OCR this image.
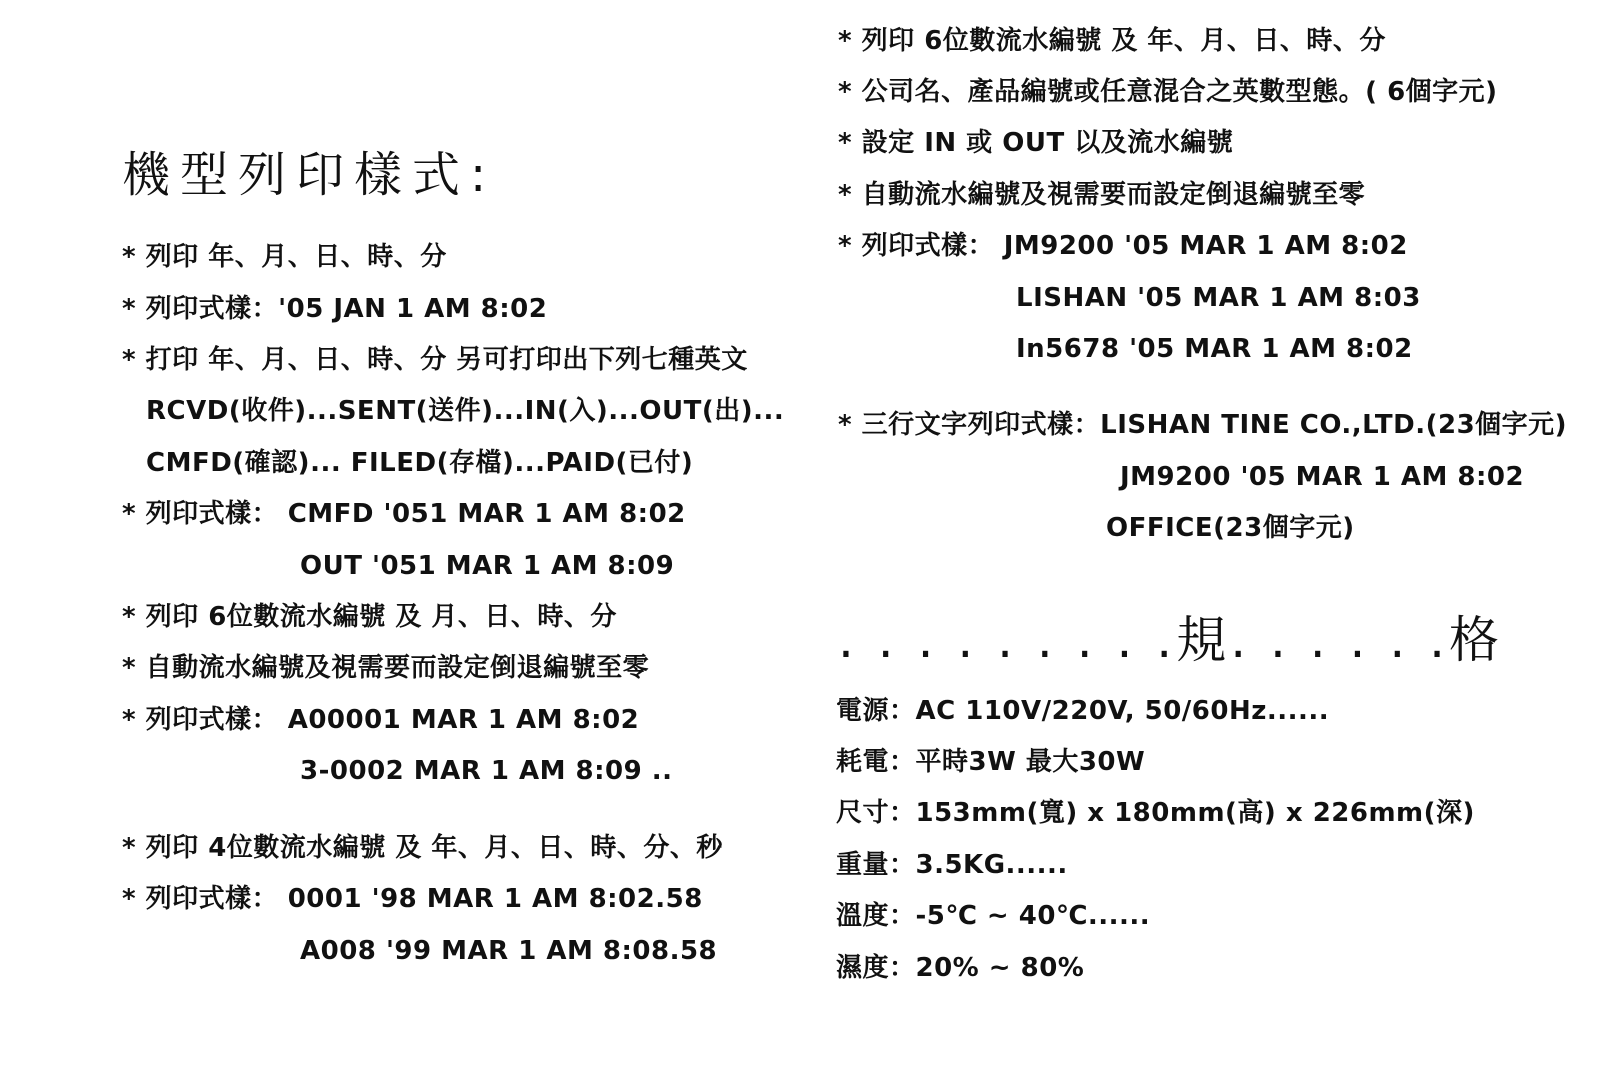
機型列印樣式:
* 列印 年、月、日、時、分
* 列印式樣：'05 JAN 1 AM 8:02
* 打印 年、月、日、時、分 另可打印出下列七種英文
RCVD(收件)...SENT(送件)...IN(入)...OUT(出)...
CMFD(確認)... FILED(存檔)...PAID(已付)
* 列印式樣： CMFD '051 MAR 1 AM 8:02
OUT '051 MAR 1 AM 8:09
* 列印 6位數流水編號 及 月、日、時、分
* 自動流水編號及視需要而設定倒退編號至零
* 列印式樣： A00001 MAR 1 AM 8:02
3-0002 MAR 1 AM 8:09 ..
* 列印 4位數流水編號 及 年、月、日、時、分、秒
* 列印式樣： 0001 '98 MAR 1 AM 8:02.58
A008 '99 MAR 1 AM 8:08.58
* 列印 6位數流水編號 及 年、月、日、時、分
* 公司名、產品編號或任意混合之英數型態。( 6個字元)
* 設定 IN 或 OUT 以及流水編號
* 自動流水編號及視需要而設定倒退編號至零
* 列印式樣： JM9200 '05 MAR 1 AM 8:02
LISHAN '05 MAR 1 AM 8:03
In5678 '05 MAR 1 AM 8:02
* 三行文字列印式樣：LISHAN TINE CO.,LTD.(23個字元)
JM9200 '05 MAR 1 AM 8:02
OFFICE(23個字元)
. . . . . . . . .規. . . . . .格
電源：AC 110V/220V, 50/60Hz......
耗電：平時3W 最大30W
尺寸：153mm(寬) x 180mm(高) x 226mm(深)
重量：3.5KG......
溫度：-5℃ ~ 40℃......
濕度：20% ~ 80%
